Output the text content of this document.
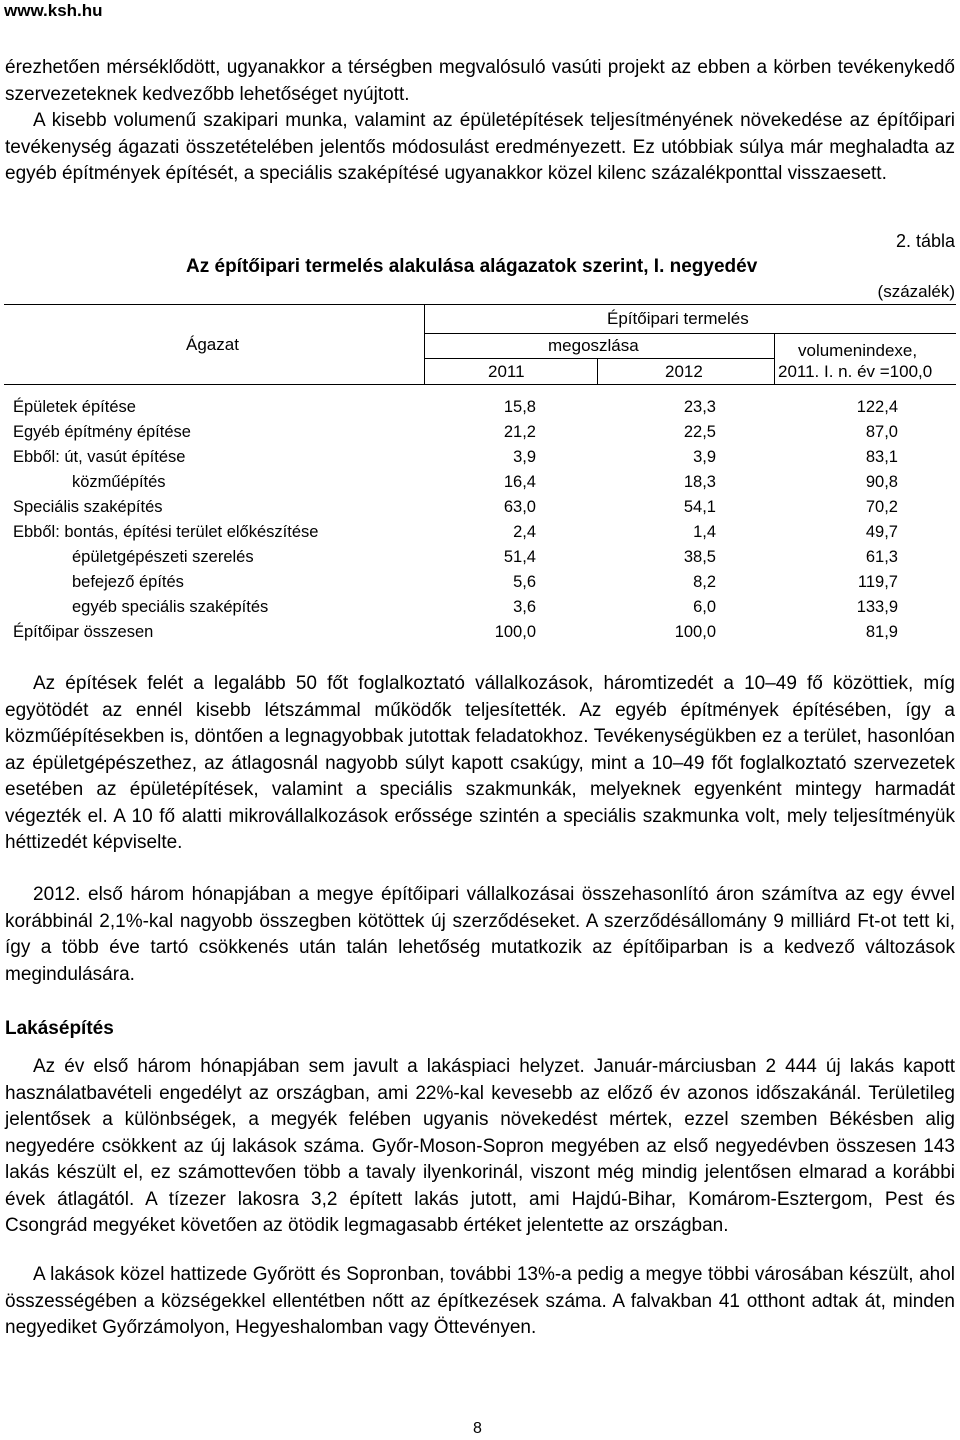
www.ksh.hu

érezhetően mérséklődött, ugyanakkor a térségben megvalósuló vasúti projekt az ebben a körben tevékenykedő szervezeteknek kedvezőbb lehetőséget nyújtott.

A kisebb volumenű szakipari munka, valamint az épületépítések teljesítményének növekedése az építőipari tevékenység ágazati összetételében jelentős módosulást eredményezett. Ez utóbbiak súlya már meghaladta az egyéb építmények építését, a speciális szaképítésé ugyanakkor közel kilenc százalékponttal visszaesett.

2. tábla
Az építőipari termelés alakulása alágazatok szerint, I. negyedév
(százalék)
Ágazat
Építőipari termelés
megoszlása
2011	2012
volumenindexe,
2011. I. n. év =100,0
Épületek építése	15,8	23,3	122,4
Egyéb építmény építése	21,2	22,5	87,0
Ebből: út, vasút építése	3,9	3,9	83,1
közműépítés	16,4	18,3	90,8
Speciális szaképítés	63,0	54,1	70,2
Ebből: bontás, építési terület előkészítése	2,4	1,4	49,7
épületgépészeti szerelés	51,4	38,5	61,3
befejező építés	5,6	8,2	119,7
egyéb speciális szaképítés	3,6	6,0	133,9
Építőipar összesen	100,0	100,0	81,9

Az építések felét a legalább 50 főt foglalkoztató vállalkozások, háromtizedét a 10–49 fő közöttiek, míg egyötödét az ennél kisebb létszámmal működők teljesítették. Az egyéb építmények építésében, így a közműépítésekben is, döntően a legnagyobbak jutottak feladatokhoz. Tevékenységükben ez a terület, hasonlóan az épületgépészethez, az átlagosnál nagyobb súlyt kapott csakúgy, mint a 10–49 főt foglalkoztató szervezetek esetében az épületépítések, valamint a speciális szakmunkák, melyeknek egyenként mintegy harmadát végezték el. A 10 fő alatti mikrovállalkozások erőssége szintén a speciális szakmunka volt, mely teljesítményük héttizedét képviselte.

2012. első három hónapjában a megye építőipari vállalkozásai összehasonlító áron számítva az egy évvel korábbinál 2,1%-kal nagyobb összegben kötöttek új szerződéseket. A szerződésállomány 9 milliárd Ft-ot tett ki, így a több éve tartó csökkenés után talán lehetőség mutatkozik az építőiparban is a kedvező változások megindulására.

Lakásépítés

Az év első három hónapjában sem javult a lakáspiaci helyzet. Január-márciusban 2 444 új lakás kapott használatbavételi engedélyt az országban, ami 22%-kal kevesebb az előző év azonos időszakánál. Területileg jelentősek a különbségek, a megyék felében ugyanis növekedést mértek, ezzel szemben Békésben alig negyedére csökkent az új lakások száma. Győr-Moson-Sopron megyében az első negyedévben összesen 143 lakás készült el, ez számottevően több a tavaly ilyenkorinál, viszont még mindig jelentősen elmarad a korábbi évek átlagától. A tízezer lakosra 3,2 épített lakás jutott, ami Hajdú-Bihar, Komárom-Esztergom, Pest és Csongrád megyéket követően az ötödik legmagasabb értéket jelentette az országban.

A lakások közel hattizede Győrött és Sopronban, további 13%-a pedig a megye többi városában készült, ahol összességében a községekkel ellentétben nőtt az építkezések száma. A falvakban 41 otthont adtak át, minden negyediket Győrzámolyon, Hegyeshalomban vagy Öttevényen.

8
